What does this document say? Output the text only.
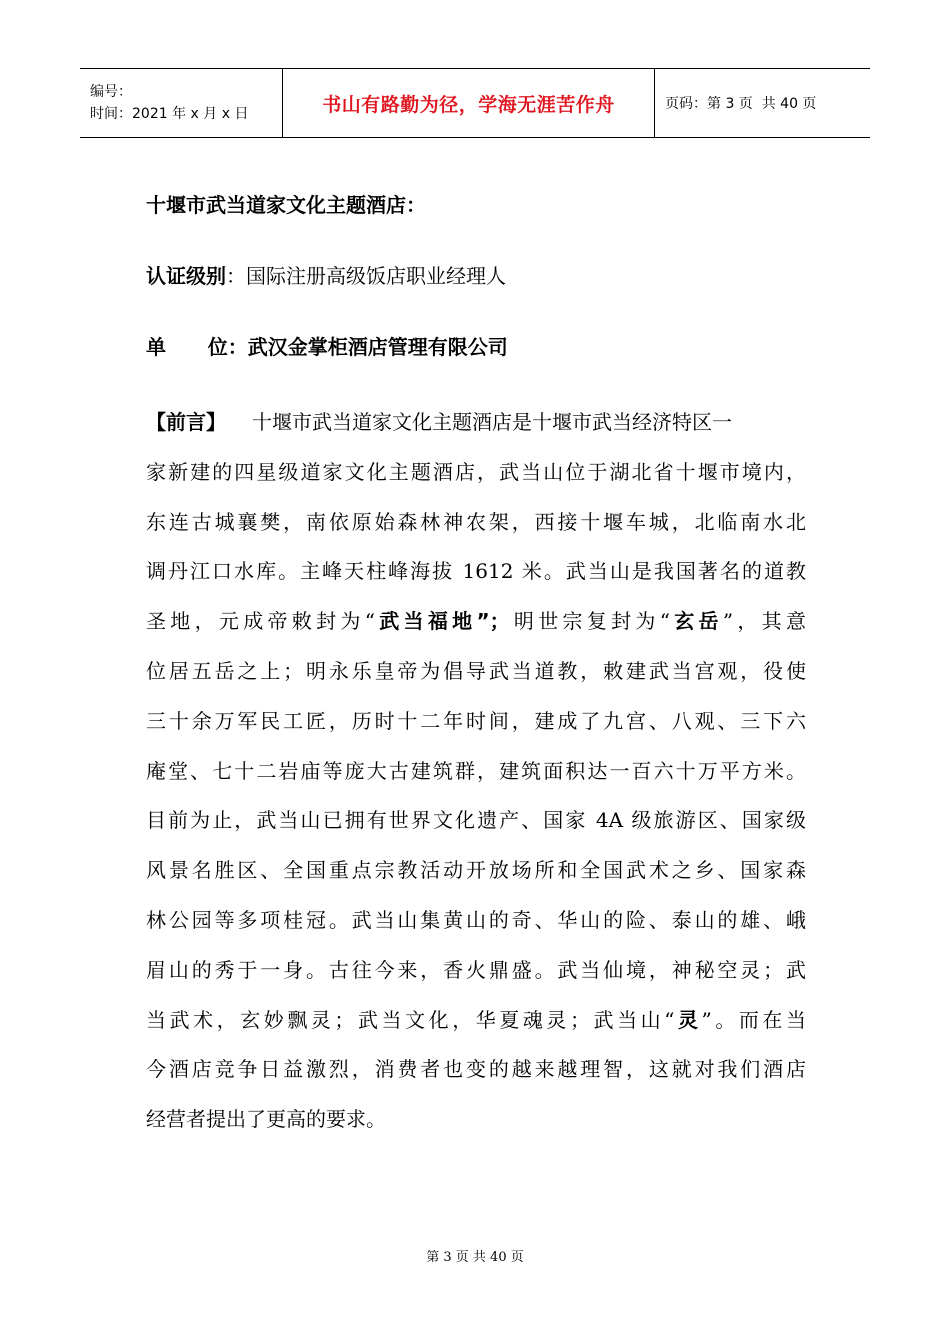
编号：
时间：2021 年 x 月 x 日	书山有路勤为径，学海无涯苦作舟	页码：第 3 页  共 40 页
十堰市武当道家文化主题酒店：
认证级别：国际注册高级饭店职业经理人
单      位：武汉金掌柜酒店管理有限公司
【前言】 十堰市武当道家文化主题酒店是十堰市武当经济特区一
家新建的四星级道家文化主题酒店，武当山位于湖北省十堰市境内，
东连古城襄樊，南依原始森林神农架，西接十堰车城，北临南水北
调丹江口水库。主峰天柱峰海拔 1612 米。武当山是我国著名的道教
圣地，元成帝敕封为“武当福地”；明世宗复封为“玄岳”，其意
位居五岳之上；明永乐皇帝为倡导武当道教，敕建武当宫观，役使
三十余万军民工匠，历时十二年时间，建成了九宫、八观、三下六
庵堂、七十二岩庙等庞大古建筑群，建筑面积达一百六十万平方米。
目前为止，武当山已拥有世界文化遗产、国家 4A 级旅游区、国家级
风景名胜区、全国重点宗教活动开放场所和全国武术之乡、国家森
林公园等多项桂冠。武当山集黄山的奇、华山的险、泰山的雄、峨
眉山的秀于一身。古往今来，香火鼎盛。武当仙境，神秘空灵；武
当武术，玄妙飘灵；武当文化，华夏魂灵；武当山“灵”。而在当
今酒店竞争日益激烈，消费者也变的越来越理智，这就对我们酒店
经营者提出了更高的要求。
第 3 页 共 40 页
